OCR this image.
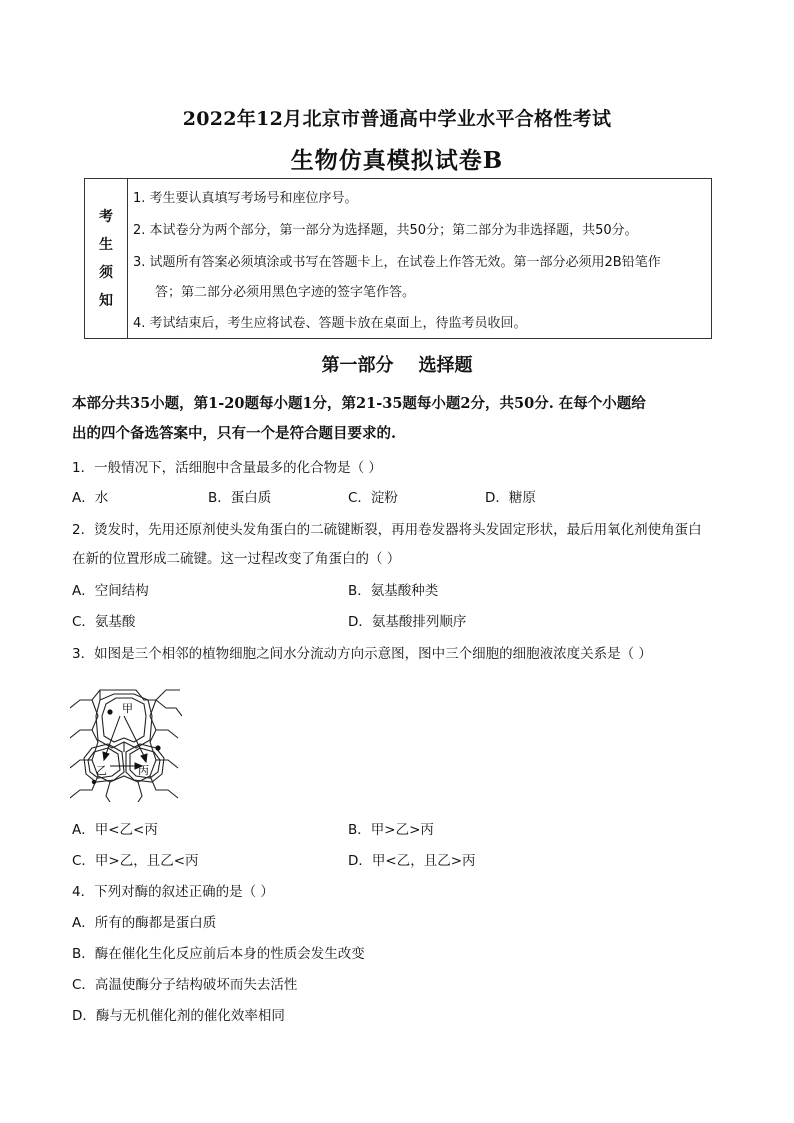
2022年12月北京市普通高中学业水平合格性考试
生物仿真模拟试卷B
考
生
须
知
1. 考生要认真填写考场号和座位序号。
2. 本试卷分为两个部分，第一部分为选择题，共50分；第二部分为非选择题，共50分。
3. 试题所有答案必须填涂或书写在答题卡上，在试卷上作答无效。第一部分必须用2B铅笔作
答；第二部分必须用黑色字迹的签字笔作答。
4. 考试结束后，考生应将试卷、答题卡放在桌面上，待监考员收回。
第一部分    选择题
本部分共35小题，第1-20题每小题1分，第21-35题每小题2分，共50分. 在每个小题给
出的四个备选答案中，只有一个是符合题目要求的.
1．一般情况下，活细胞中含量最多的化合物是（ ）
A．水	B．蛋白质	C．淀粉	D．糖原
2．烫发时，先用还原剂使头发角蛋白的二硫键断裂，再用卷发器将头发固定形状，最后用氧化剂使角蛋白
在新的位置形成二硫键。这一过程改变了角蛋白的（ ）
A．空间结构	B．氨基酸种类
C．氨基酸	D．氨基酸排列顺序
3．如图是三个相邻的植物细胞之间水分流动方向示意图，图中三个细胞的细胞液浓度关系是（ ）
甲
乙	丙
A．甲<乙<丙	B．甲>乙>丙
C．甲>乙，且乙<丙	D．甲<乙，且乙>丙
4．下列对酶的叙述正确的是（ ）
A．所有的酶都是蛋白质
B．酶在催化生化反应前后本身的性质会发生改变
C．高温使酶分子结构破坏而失去活性
D．酶与无机催化剂的催化效率相同
